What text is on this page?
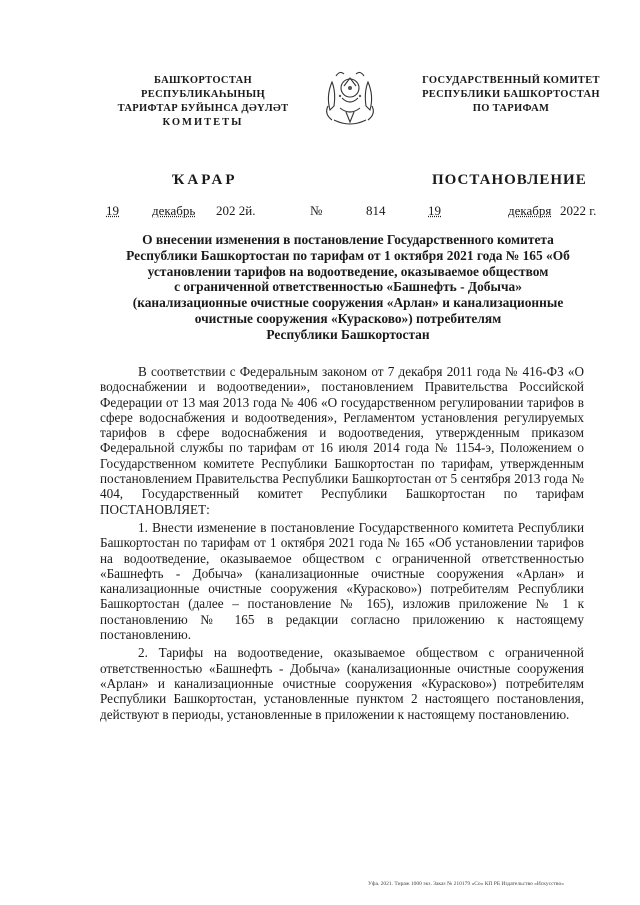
БАШҠОРТОСТАН РЕСПУБЛИКАҺЫНЫҢ
ТАРИФТАР БУЙЫНСА ДӘҮЛӘТ
КОМИТЕТЫ
ГОСУДАРСТВЕННЫЙ КОМИТЕТ
РЕСПУБЛИКИ БАШКОРТОСТАН
ПО ТАРИФАМ
ҠАРАР	ПОСТАНОВЛЕНИЕ
19	декабрь 202 2й.	№	814	19	декабря 2022 г.
О внесении изменения в постановление Государственного комитета
Республики Башкортостан по тарифам от 1 октября 2021 года № 165 «Об
установлении тарифов на водоотведение, оказываемое обществом
с ограниченной ответственностью «Башнефть - Добыча»
(канализационные очистные сооружения «Арлан» и канализационные
очистные сооружения «Курасково») потребителям
Республики Башкортостан

В соответствии с Федеральным законом от 7 декабря 2011 года № 416-ФЗ «О водоснабжении и водоотведении», постановлением Правительства Российской Федерации от 13 мая 2013 года № 406 «О государственном регулировании тарифов в сфере водоснабжения и водоотведения», Регламентом установления регулируемых тарифов в сфере водоснабжения и водоотведения, утвержденным приказом Федеральной службы по тарифам от 16 июля 2014 года № 1154-э, Положением о Государственном комитете Республики Башкортостан по тарифам, утвержденным постановлением Правительства Республики Башкортостан от 5 сентября 2013 года № 404, Государственный комитет Республики Башкортостан по тарифам ПОСТАНОВЛЯЕТ:

1. Внести изменение в постановление Государственного комитета Республики Башкортостан по тарифам от 1 октября 2021 года № 165 «Об установлении тарифов на водоотведение, оказываемое обществом с ограниченной ответственностью «Башнефть - Добыча» (канализационные очистные сооружения «Арлан» и канализационные очистные сооружения «Курасково») потребителям Республики Башкортостан (далее – постановление № 165), изложив приложение № 1 к постановлению № 165 в редакции согласно приложению к настоящему постановлению.

2. Тарифы на водоотведение, оказываемое обществом с ограниченной ответственностью «Башнефть - Добыча» (канализационные очистные сооружения «Арлан» и канализационные очистные сооружения «Курасково») потребителям Республики Башкортостан, установленные пунктом 2 настоящего постановления, действуют в периоды, установленные в приложении к настоящему постановлению.

Уфа. 2021. Тираж 1000 экз. Заказ № 210179 «Со» КП РБ Издательство «Искусство»
